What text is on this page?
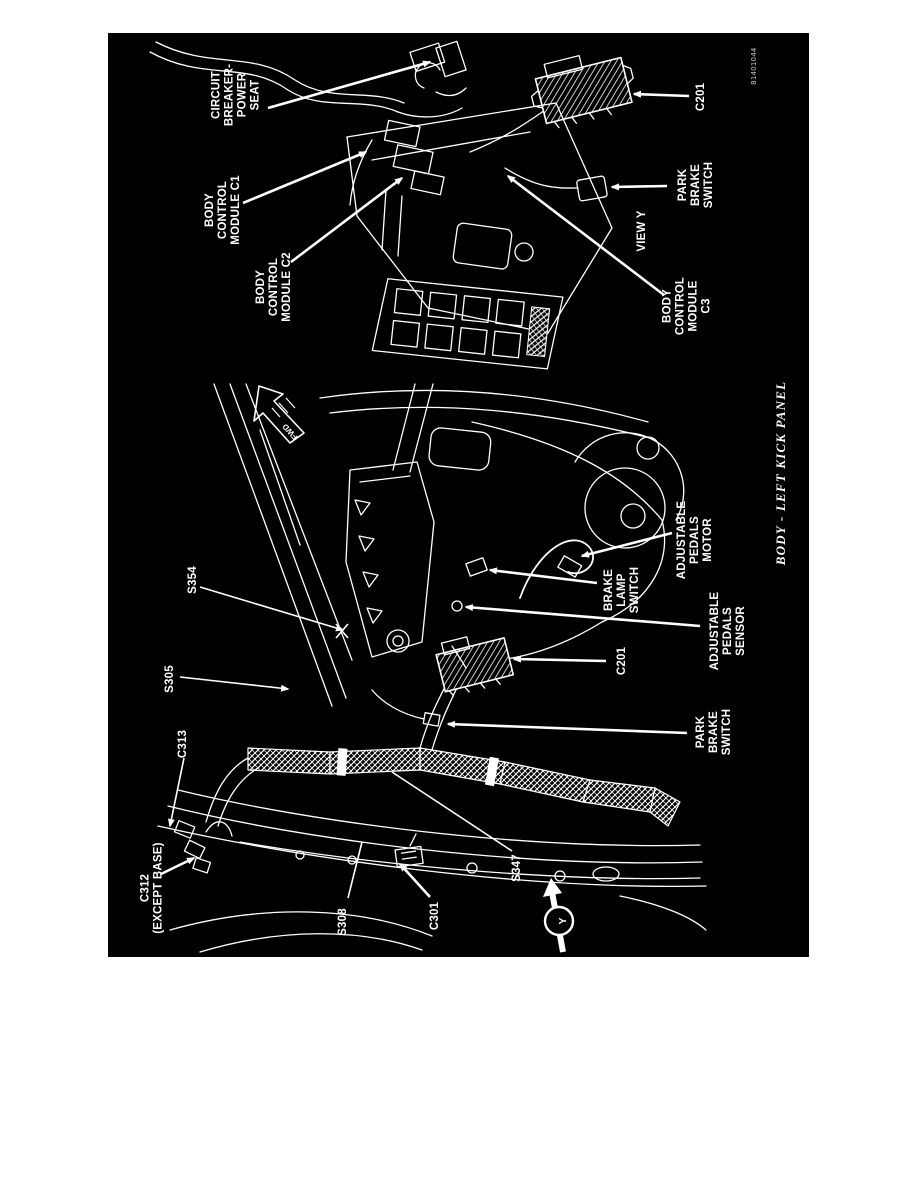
FWD
Y
CIRCUIT BREAKER- POWER SEAT	C201
BODY CONTROL MODULE C1
BODY CONTROL MODULE C2
PARK BRAKE SWITCH
VIEW Y
BODY CONTROL MODULE C3
81401044
S354
ADJUSTABLE PEDALS MOTOR
BRAKE LAMP SWITCH
ADJUSTABLE PEDALS SENSOR
C201
PARK BRAKE SWITCH
S305
C313
C312 (EXCEPT BASE)	S308	C301
S347
BODY - LEFT KICK PANEL
